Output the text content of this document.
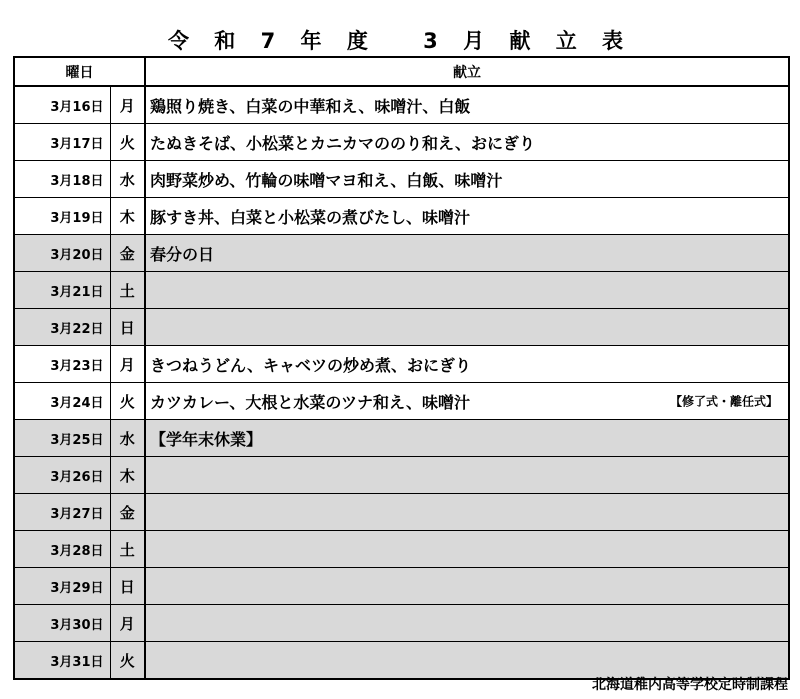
令 和 7 年 度 　3 月 献 立 表
曜日		献立
3月16日	月	鶏照り焼き、白菜の中華和え、味噌汁、白飯
3月17日	火	たぬきそば、小松菜とカニカマののり和え、おにぎり
3月18日	水	肉野菜炒め、竹輪の味噌マヨ和え、白飯、味噌汁
3月19日	木	豚すき丼、白菜と小松菜の煮びたし、味噌汁
3月20日	金	春分の日
3月21日	土	
3月22日	日	
3月23日	月	きつねうどん、キャベツの炒め煮、おにぎり
3月24日	火	カツカレー、大根と水菜のツナ和え、味噌汁 【修了式・離任式】

3月25日	水	【学年末休業】
3月26日	木	
3月27日	金	
3月28日	土	
3月29日	日	
3月30日	月	
3月31日	火	
北海道稚内高等学校定時制課程
